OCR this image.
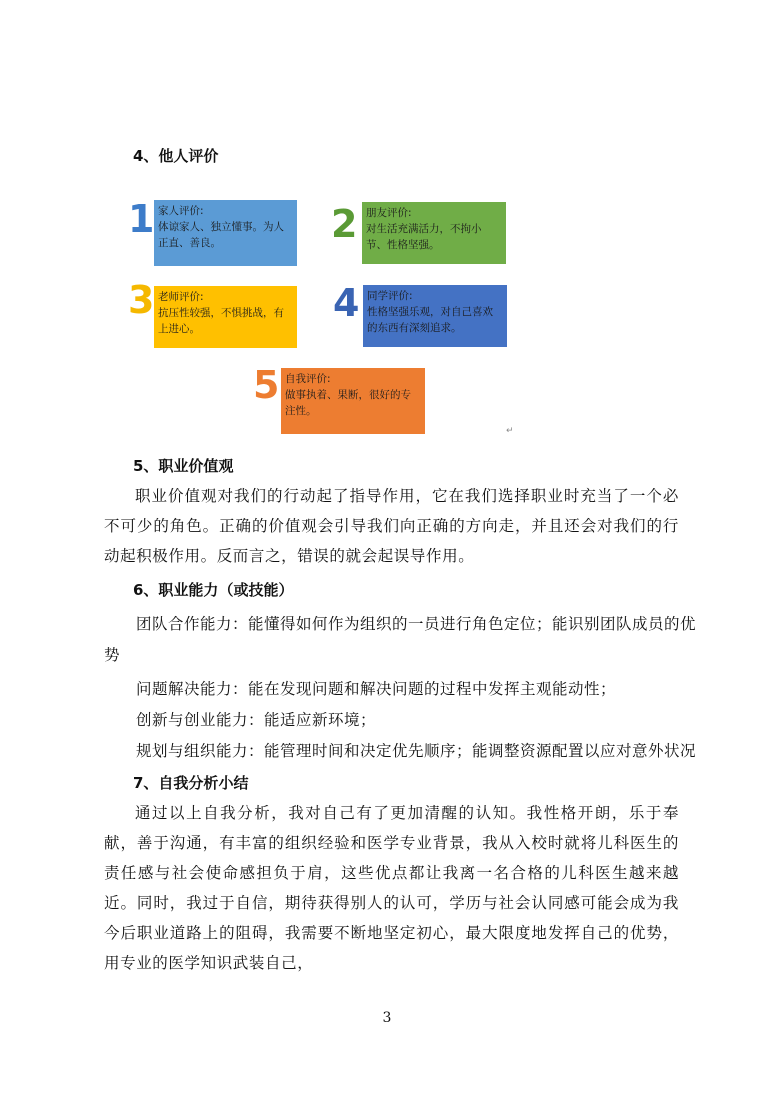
4、他人评价
1 家人评价:
体谅家人、独立懂事。为人正直、善良。	2 朋友评价:
对生活充满活力，不拘小节、性格坚强。
3 老师评价:
抗压性较强，不惧挑战，有上进心。
4 同学评价:
性格坚强乐观，对自己喜欢的东西有深刻追求。
5 自我评价:
做事执着、果断，很好的专注性。
↵
5、职业价值观

职业价值观对我们的行动起了指导作用，它在我们选择职业时充当了一个必不可少的角色。正确的价值观会引导我们向正确的方向走，并且还会对我们的行动起积极作用。反而言之，错误的就会起误导作用。

6、职业能力（或技能）
团队合作能力：能懂得如何作为组织的一员进行角色定位；能识别团队成员的优
势
问题解决能力：能在发现问题和解决问题的过程中发挥主观能动性；
创新与创业能力：能适应新环境；
规划与组织能力：能管理时间和决定优先顺序；能调整资源配置以应对意外状况
7、自我分析小结

通过以上自我分析，我对自己有了更加清醒的认知。我性格开朗，乐于奉献，善于沟通，有丰富的组织经验和医学专业背景，我从入校时就将儿科医生的责任感与社会使命感担负于肩，这些优点都让我离一名合格的儿科医生越来越近。同时，我过于自信，期待获得别人的认可，学历与社会认同感可能会成为我今后职业道路上的阻碍，我需要不断地坚定初心，最大限度地发挥自己的优势，用专业的医学知识武装自己，

3
